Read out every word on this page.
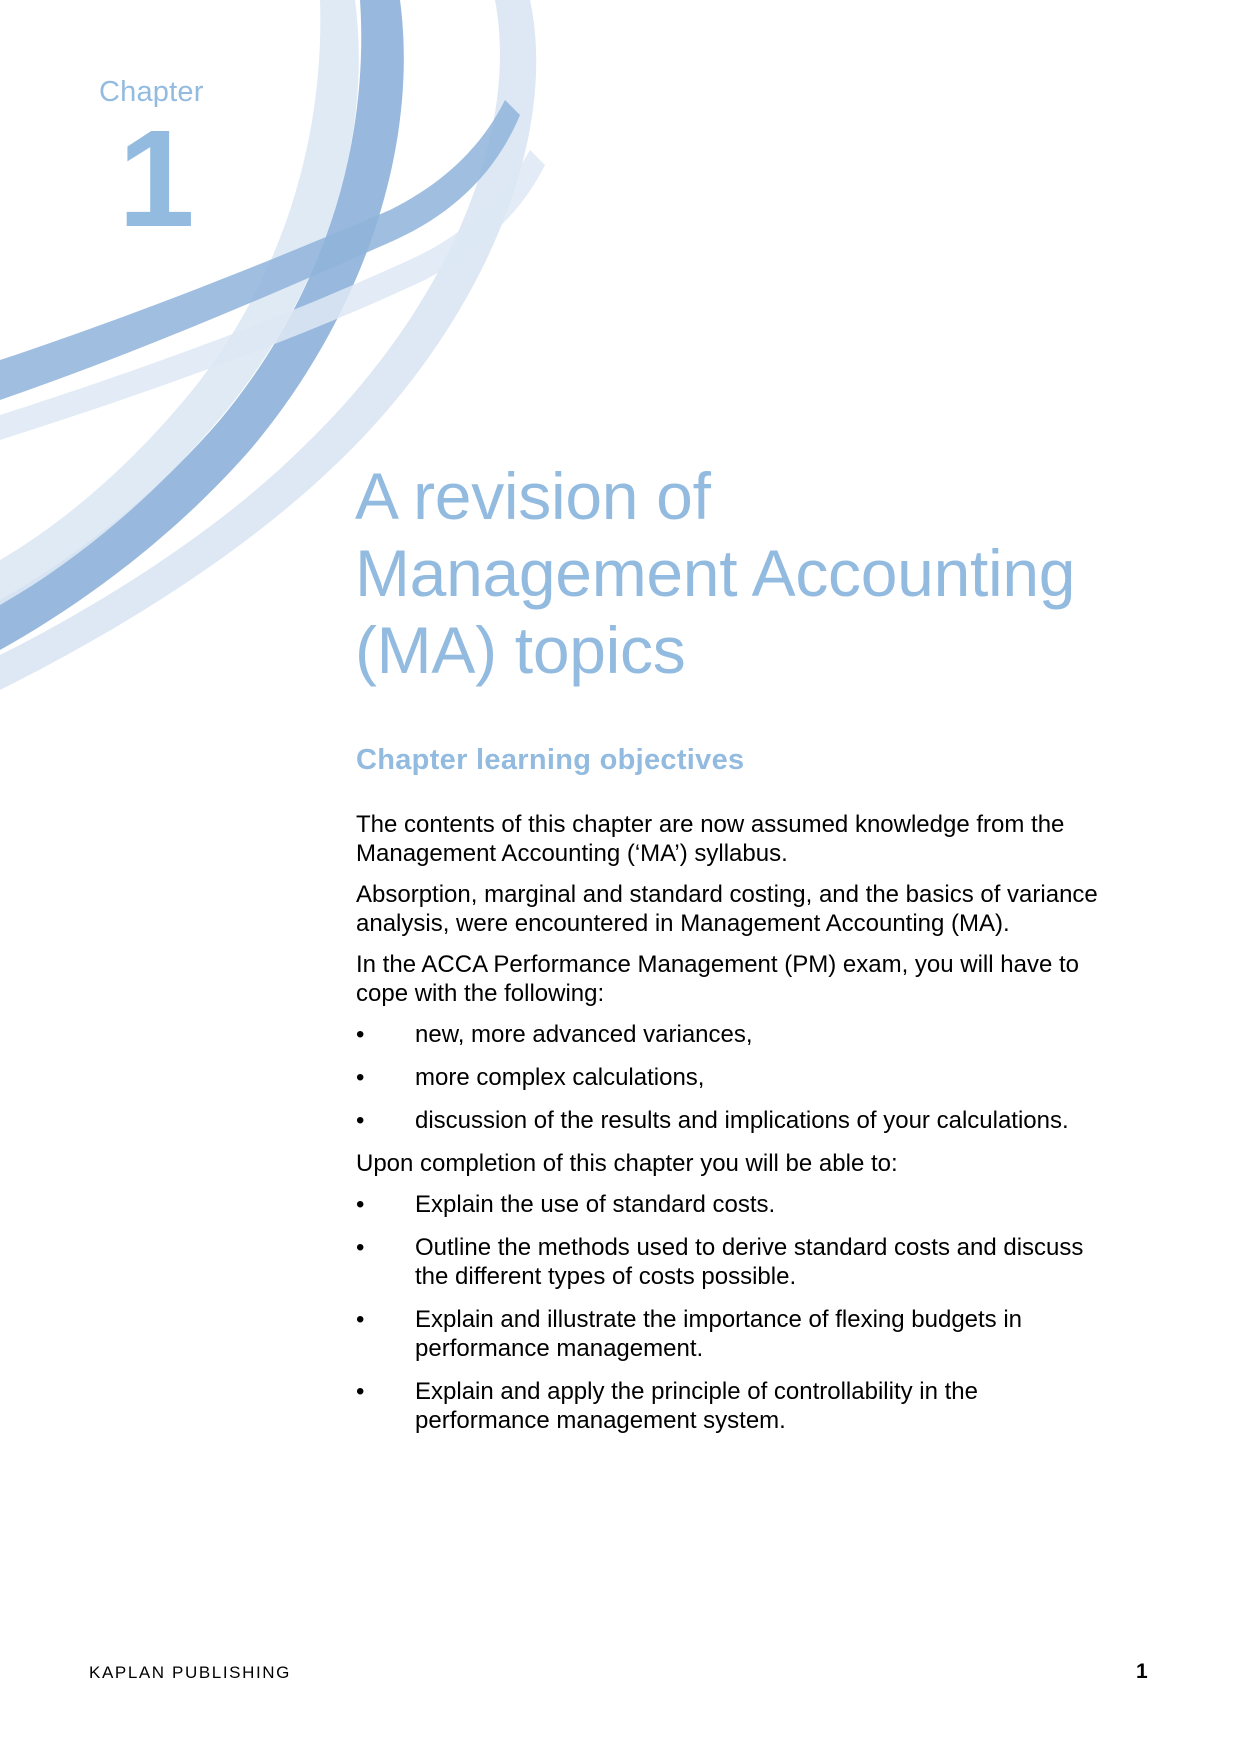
Chapter
1
A revision of
Management Accounting
(MA) topics
Chapter learning objectives

The contents of this chapter are now assumed knowledge from the Management Accounting (‘MA’) syllabus.

Absorption, marginal and standard costing, and the basics of variance analysis, were encountered in Management Accounting (MA).

In the ACCA Performance Management (PM) exam, you will have to cope with the following:

• new, more advanced variances,
• more complex calculations,
• discussion of the results and implications of your calculations.

Upon completion of this chapter you will be able to:

• Explain the use of standard costs.
• Outline the methods used to derive standard costs and discuss the different types of costs possible.
• Explain and illustrate the importance of flexing budgets in performance management.
• Explain and apply the principle of controllability in the performance management system.
KAPLAN PUBLISHING	1
